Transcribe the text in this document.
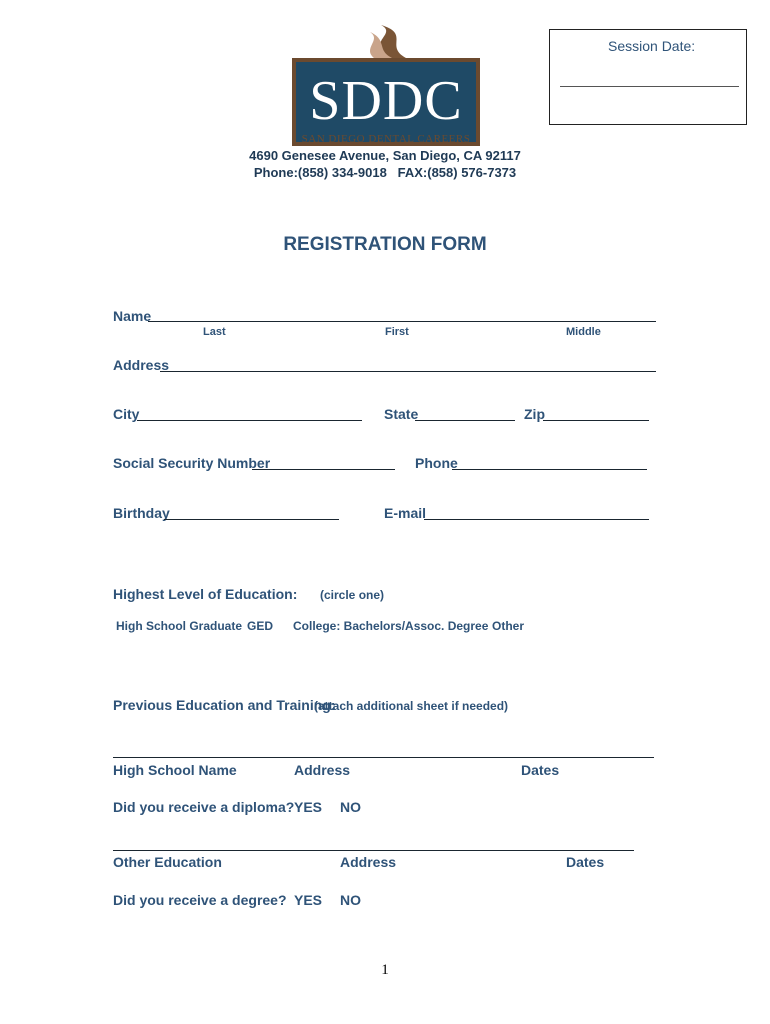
Session Date:
SDDC
SAN DIEGO DENTAL CAREERS
4690 Genesee Avenue, San Diego, CA 92117
Phone:(858) 334-9018   FAX:(858) 576-7373
REGISTRATION FORM
Name
Last	First	Middle
Address
City	State	Zip
Social Security Number	Phone
Birthday	E-mail
Highest Level of Education: (circle one)
High School Graduate GED College: Bachelors/Assoc. Degree Other
Previous Education and Training:
(attach additional sheet if needed)
High School Name	Address	Dates
Did you receive a diploma? YES NO
Other Education	Address	Dates
Did you receive a degree? YES NO
1
